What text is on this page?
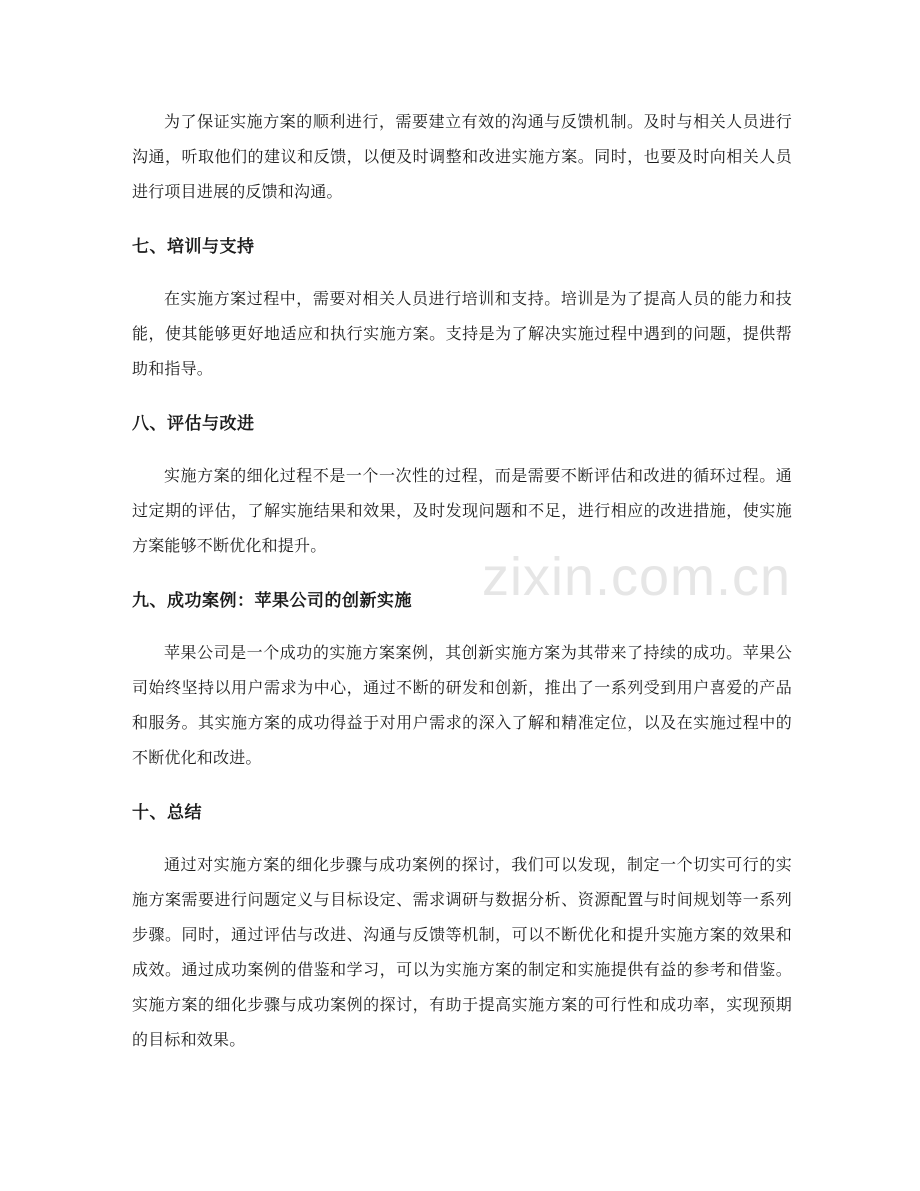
zixin.com.cn

为了保证实施方案的顺利进行，需要建立有效的沟通与反馈机制。及时与相关人员进行沟通，听取他们的建议和反馈，以便及时调整和改进实施方案。同时，也要及时向相关人员进行项目进展的反馈和沟通。

七、培训与支持

在实施方案过程中，需要对相关人员进行培训和支持。培训是为了提高人员的能力和技能，使其能够更好地适应和执行实施方案。支持是为了解决实施过程中遇到的问题，提供帮助和指导。

八、评估与改进

实施方案的细化过程不是一个一次性的过程，而是需要不断评估和改进的循环过程。通过定期的评估，了解实施结果和效果，及时发现问题和不足，进行相应的改进措施，使实施方案能够不断优化和提升。

九、成功案例：苹果公司的创新实施

苹果公司是一个成功的实施方案案例，其创新实施方案为其带来了持续的成功。苹果公司始终坚持以用户需求为中心，通过不断的研发和创新，推出了一系列受到用户喜爱的产品和服务。其实施方案的成功得益于对用户需求的深入了解和精准定位，以及在实施过程中的不断优化和改进。

十、总结

通过对实施方案的细化步骤与成功案例的探讨，我们可以发现，制定一个切实可行的实施方案需要进行问题定义与目标设定、需求调研与数据分析、资源配置与时间规划等一系列步骤。同时，通过评估与改进、沟通与反馈等机制，可以不断优化和提升实施方案的效果和成效。通过成功案例的借鉴和学习，可以为实施方案的制定和实施提供有益的参考和借鉴。实施方案的细化步骤与成功案例的探讨，有助于提高实施方案的可行性和成功率，实现预期的目标和效果。
